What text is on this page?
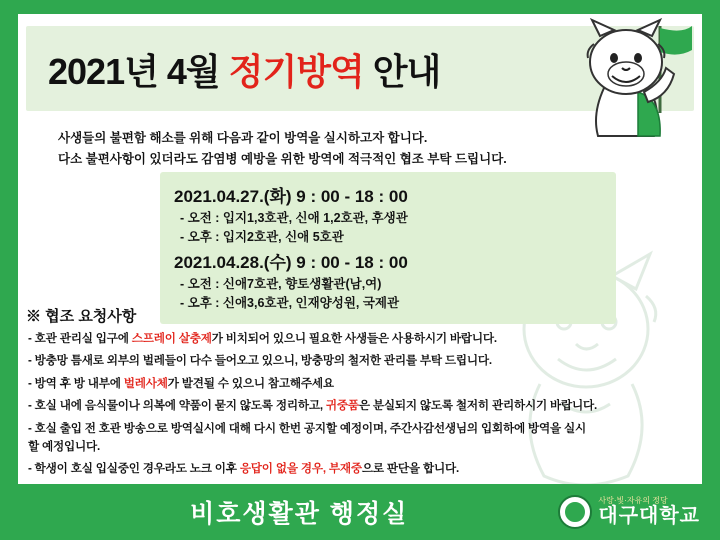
2021년 4월 정기방역 안내
사생들의 불편함 해소를 위해 다음과 같이 방역을 실시하고자 합니다.
다소 불편사항이 있더라도 감염병 예방을 위한 방역에 적극적인 협조 부탁 드립니다.
2021.04.27.(화) 9 : 00 - 18 : 00
- 오전 : 입지1,3호관, 신애 1,2호관, 후생관
- 오후 : 입지2호관, 신애 5호관
2021.04.28.(수) 9 : 00 - 18 : 00
- 오전 : 신애7호관, 향토생활관(남,여)
- 오후 : 신애3,6호관, 인재양성원, 국제관
※ 협조 요청사항
- 호관 관리실 입구에 스프레이 살충제가 비치되어 있으니 필요한 사생들은 사용하시기 바랍니다.
- 방충망 틈새로 외부의 벌레들이 다수 들어오고 있으니, 방충망의 철저한 관리를 부탁 드립니다.
- 방역 후 방 내부에 벌레사체가 발견될 수 있으니 참고해주세요
- 호실 내에 음식물이나 의복에 약품이 묻지 않도록 정리하고, 귀중품은 분실되지 않도록 철저히 관리하시기 바랍니다.
- 호실 출입 전 호관 방송으로 방역실시에 대해 다시 한번 공지할 예정이며, 주간사감선생님의 입회하에 방역을 실시
할 예정입니다.
- 학생이 호실 입실중인 경우라도 노크 이후 응답이 없을 경우, 부재중으로 판단을 합니다.
비호생활관 행정실	사랑·빛·자유의 정당
대구대학교
